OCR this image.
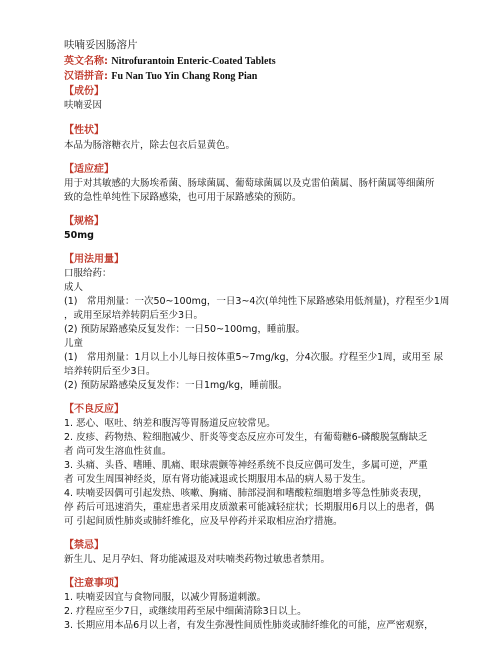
呋喃妥因肠溶片
英文名称: Nitrofurantoin Enteric-Coated Tablets
汉语拼音: Fu Nan Tuo Yin Chang Rong Pian
【成份】
呋喃妥因
【性状】
本品为肠溶糖衣片，除去包衣后显黄色。
【适应症】
用于对其敏感的大肠埃希菌、肠球菌属、葡萄球菌属以及克雷伯菌属、肠杆菌属等细菌所
致的急性单纯性下尿路感染，也可用于尿路感染的预防。
【规格】
50mg
【用法用量】
口服给药：
成人
(1)　常用剂量：一次50~100mg，一日3~4次(单纯性下尿路感染用低剂量)，疗程至少1周
，或用至尿培养转阴后至少3日。
(2) 预防尿路感染反复发作：一日50~100mg，睡前服。
儿童
(1)　常用剂量：1月以上小儿每日按体重5~7mg/kg，分4次服。疗程至少1周，或用至 尿
培养转阴后至少3日。
(2) 预防尿路感染反复发作：一日1mg/kg，睡前服。
【不良反应】
1. 恶心、呕吐、纳差和腹泻等胃肠道反应较常见。
2. 皮疹、药物热、粒细胞减少、肝炎等变态反应亦可发生，有葡萄糖6-磷酸脱氢酶缺乏
者 尚可发生溶血性贫血。
3. 头痛、头昏、嗜睡、肌痛、眼球震颤等神经系统不良反应偶可发生，多属可逆，严重
者 可发生周围神经炎，原有肾功能减退或长期服用本品的病人易于发生。
4. 呋喃妥因偶可引起发热、咳嗽、胸痛、肺部浸润和嗜酸粒细胞增多等急性肺炎表现，
停 药后可迅速消失，重症患者采用皮质激素可能减轻症状；长期服用6月以上的患者，偶
可 引起间质性肺炎或肺纤维化，应及早停药并采取相应治疗措施。
【禁忌】
新生儿、足月孕妇、肾功能减退及对呋喃类药物过敏患者禁用。
【注意事项】
1. 呋喃妥因宜与食物同服，以减少胃肠道刺激。
2. 疗程应至少7日，或继续用药至尿中细菌清除3日以上。
3. 长期应用本品6月以上者，有发生弥漫性间质性肺炎或肺纤维化的可能，应严密观察，
